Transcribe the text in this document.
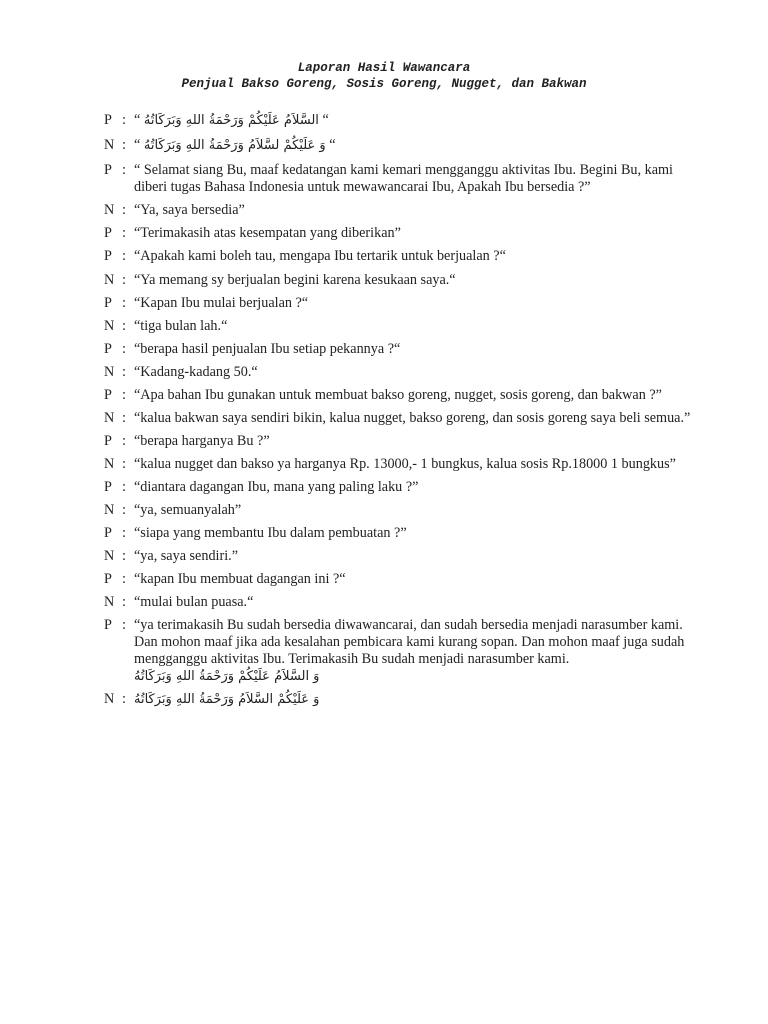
Laporan Hasil Wawancara
Penjual Bakso Goreng, Sosis Goreng, Nugget, dan Bakwan
P : “ السَّلاَمُ عَلَيْكُمْ وَرَحْمَةُ اللهِ وَبَرَكَاتُهُ “
N : “ وَ عَلَيْكُمْ لسَّلاَمُ وَرَحْمَةُ اللهِ وَبَرَكَاتُهُ “
P : “ Selamat siang Bu, maaf kedatangan kami kemari mengganggu aktivitas Ibu. Begini Bu, kami diberi tugas Bahasa Indonesia untuk mewawancarai Ibu, Apakah Ibu bersedia ?”
N : “Ya, saya bersedia”
P : “Terimakasih atas kesempatan yang diberikan”
P : “Apakah kami boleh tau, mengapa Ibu tertarik untuk berjualan ?“
N : “Ya memang sy berjualan begini karena kesukaan saya.“
P : “Kapan Ibu mulai berjualan ?“
N : “tiga bulan lah.“
P : “berapa hasil penjualan Ibu setiap pekannya ?“
N : “Kadang-kadang 50.“
P : “Apa bahan Ibu gunakan untuk membuat bakso goreng, nugget, sosis goreng, dan bakwan ?”
N : “kalua bakwan saya sendiri bikin, kalua nugget, bakso goreng, dan sosis goreng saya beli semua.”
P : “berapa harganya Bu ?”
N : “kalua nugget dan bakso ya harganya Rp. 13000,- 1 bungkus, kalua sosis Rp.18000 1 bungkus”
P : “diantara dagangan Ibu, mana yang paling laku ?”
N : “ya, semuanyalah”
P : “siapa yang membantu Ibu dalam pembuatan ?”
N : “ya, saya sendiri.”
P : “kapan Ibu membuat dagangan ini ?“
N : “mulai bulan puasa.“
P : “ya terimakasih Bu sudah bersedia diwawancarai, dan sudah bersedia menjadi narasumber kami. Dan mohon maaf jika ada kesalahan pembicara kami kurang sopan. Dan mohon maaf juga sudah mengganggu aktivitas Ibu. Terimakasih Bu sudah menjadi narasumber kami. وَ السَّلاَمُ عَلَيْكُمْ وَرَحْمَةُ اللهِ وَبَرَكَاتُهُ
N : وَ عَلَيْكُمْ السَّلاَمُ وَرَحْمَةُ اللهِ وَبَرَكَاتُهُ
